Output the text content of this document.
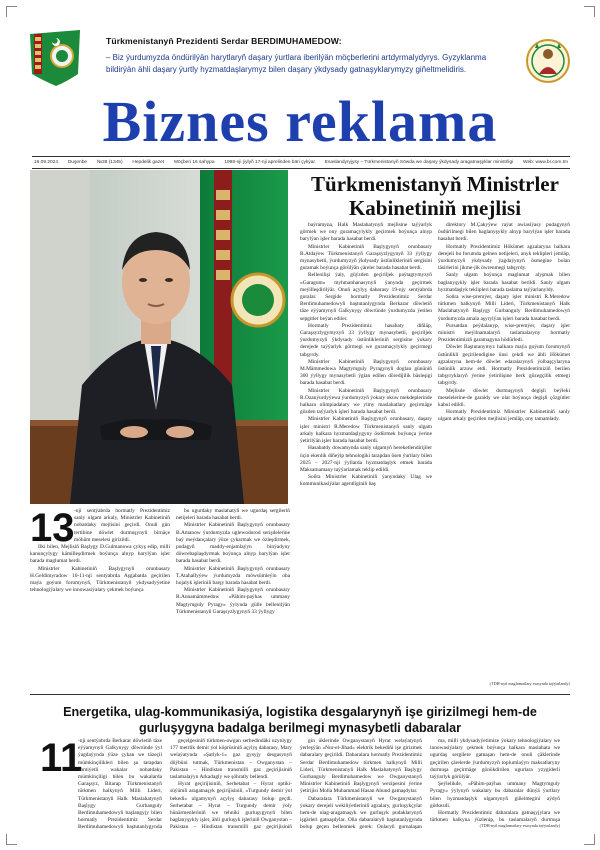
Türkmenistanyň Prezidenti Serdar BERDIMUHAMEDOW:
– Biz ýurdumyzda öndürilýän harytlaryň daşary ýurtlara iberilýän möçberlerini artdyrmalydyrys. Gyzyklanma bildirýän ähli daşary ýurtly hyzmatdaşlarymyz bilen daşary ýkdysady gatnaşyklarymyzy giňeltmelidiris.
Biznes reklama
16.09.2024	Duşenbe	№38 (1345)	Hepdelik gazet	Möçberi 16 sahypa	1998-nji ýylyň 17-nji aprelinden bäri çykýar	Esaslandyryjysy – Türkmenistanyň Söwda we daşary ýkdysady aragatnaşyklar ministrligi	Web: www.br.com.tm
Türkmenistanyň Ministrler Kabinetiniň mejlisi
13 -nji sentýabrda hormatly Prezidentimiz sanly ulgam arkaly, Ministrler Kabinetiniň nobatdaky mejlisini geçirdi. Onuň gün tertibine döwlet durmuşynyň birnäçe möhüm meselesi girizildi.

Ilki bilen, Mejlisiň Başlygy D.Gulmanowa çykyş edip, milli kanunçylygy kämilleşdirmek boýunça alnyp barylýan işler barada maglumat berdi.

Ministrler Kabinetiniň Başlygynyň orunbasary H.Geldimyradow 10-11-nji sentýabrda Aşgabatda geçirilen maýa goýum forumynyň, Türkmenistanyň ykdysadyýetine tehnologiýalary we innowasiýalary çekmek boýunça

bu ugurdaky maslahatyň we ugurdaş sergileriň netijeleri barada hasabat berdi.

Ministrler Kabinetiniň Başlygynyň orunbasary B.Amanow ýurdumyzda uglewodorod serişdelerine baý meýdançalary ýüze çykarmak we özleşdirmek, pudagyň maddy-enjamlaýyn binýadyny döwrebaplaşdyrmak boýunça alnyp barylýan işler barada hasabat berdi.

Ministrler Kabinetiniň Başlygynyň orunbasary T.Atahallyýew ýurdumyzda möwsümleýin oba hojalyk işleriniň barşy barada hasabat berdi.

Ministrler Kabinetiniň Başlygynyň orunbasary R.Annamämmedow «Pähim-paýhas ummany Magtymguly Pyragy» ýylynda gülle bellenilýän Türkmenistanyň Garaşsyzlygynyň 33 ýyllygy

baýramyna, Halk Maslahatynyň mejlisine taýýarlyk görmek we ony guramaçylykly geçirmek boýunça alnyp barylýan işler barada hasabat berdi.

Ministrler Kabinetiniň Başlygynyň orunbasary B.Atdaýew Türkmenistanyň Garaşsyzlygynyň 33 ýyllygy mynasybetli, ýurdumyzyň ýkdysady üstünlikleriniň sergisini guramak boýunça görülýän çäreler barada hasabat berdi.

Bellenilişi ýaly, güýzden geçiriljek paýtagtymyzyň «Garagum» myhmanhanasynyň ýanynda geçirmek meýilleşdirilýär. Onuň açylyş dabarasy 19-njy sentýabrda guralar. Sergide hormatly Prezidentimiz Serdar Berdimuhamedowyň baştutanlygynda Berkarar döwletiň täze eýýamynyň Galkynyşy döwründe ýurdumyzda ýetilen sepgitler beýan ediler.

Hormatly Prezidentimiz hasabaty diňläp, Garaşsyzlygymyzyň 33 ýyllygy mynasybetli, geçiriljek ýurdumyzyň ýkdysady üstünlikleriniň sergisine ýokary derejede taýýarlyk görmegi we guramaçylykly geçirmegi tabşyrdy.

Ministrler Kabinetiniň Başlygynyň orunbasary M.Mämmedowa Magtymguly Pyragynyň doglan gününiň 300 ýyllygy mynasybetli ýglan edilen döredijilik bäsleşigi barada hasabat berdi.

Ministrler Kabinetiniň Başlygynyň orunbasary R.Ozanýurdyýewa ýurdumyzyň ýokary okuw mekdeplerinde halkara olimpiadalary we ylmy maslahatlary geçirmäge gözden taýýarlyk işleri barada hasabat berdi.

Ministrler Kabinetiniň Başlygynyň orunbasary, daşary işler ministri R.Meredow Türkmenistanyň sanly ulgam arkaly halkara hyzmatdaşlygyny ösdürmek boýunça ýerine ýetirilýän işler barada hasabat berdi.

Hasabatdy dowamynda sanly ulgamyň hereketlendirijiler üçin ekenlik diňeýip tehnologiki tarapdan ösen ýurtlary bilen 2025 – 2027-nji ýyllarda hyzmatdaşlyk etmek barada Maksatnamany taýýarlamak teklip edildi.

Soňra Ministrler Kabinetiniň ýanyndaky Ulag we kommunikasiýalar agentliginiň baş

direktory M.Çakyýew raýat awiasiýasy pudagynyň ösdürilmegi bilen baglanyşykly alnyp barylýan işler barada hasabat berdi.

Hormatly Prezidentimiz Hökümet agzalaryna halkara derejeli bu forumda gelnen netijeleri, anyk teklipleri jemläp, ýurdumyzyň ykdysady ýagdaýynyň ösmegine bolan täsirlerini jikme-jik öwrenmegi tabşyrdy.

Sanly ulgam boýunça maglumat alyşmak bilen baglanyşykly işler barada hasabat berildi. Sanly ulgam hyzmatdaşlyk teklipleri barada taslama taýýarlanyldy.

Soňra wise-premýer, daşary işler ministri R.Meredow türkmen halkynyň Milli Lideri, Türkmenistanyň Halk Maslahatynyň Başlygy Gurbanguly Berdimuhamedowyň ýurdumyzda amala aşyrylýan işleri barada hasabat berdi.

Pursatdan peýdalanyp, wise-premýer, daşary işler ministri meýilnamalaryň taslamalaryny hormatly Prezidentimiziň garamagyna hödürledi.

Döwlet Baştutanymyz halkara maýa goýum forumynyň üstünlikli geçirilendigine ünsi çekdi we ähli Hökümet agzalaryna hem-de döwlet edaralarynyň ýolbaşçylaryna üstünlik arzuw etdi. Hormatly Prezidentimiziň berilen tabşyryklaryň ýerine ýetirilişine berk gözegçilik etmegi tabşyrdy.

Mejlisde döwlet durmuşynyň degişli beýleki meselelerine-de garaldy we olar boýunça degişli çözgütler kabul edildi.

Hormatly Prezidentimiz Ministrler Kabinetiniň sanly ulgam arkaly geçirilen mejlisini jemläp, ony tamamlady.

(TDH-nyň maglumatlary esasynda taýýarlandy)
Energetika, ulag-kommunikasiýa, logistika desgalarynyň işe girizilmegi hem-de gurluşygyna badalga berilmegi mynasybetli dabaralar
11

-nji sentýabrda Berkarar döwletiň täze eýýamynyň Galkynyşy döwründe ýyl ýagdaýynda ýüze çykan we täzeçil mümkinçilikleri bilen şu tarapdan ähmiýetli wakalar nobatdaky mümkinçiligi bilen bu wakalarda Garaşsyz, Bitarap Türkmenistanyň türkmen halkynyň Milli Lideri, Türkmenistanyň Halk Maslahatynyň Başlygy Gurbanguly Berdimuhamedowyň başlangyjy bilen hormatly Prezidentimiz Serdar Berdimuhamedowyň baştutanlygynda

geçelgesiniň türkmen-owgan serhedindäki uzynlygy 177 metrlik demir ýol köprüsiniň açylyş dabarasy, Mary welaýatynda «Şatlyk-1» gaz gysyjy desgasynyň düýbüni tutmak, Türkmenistan – Owganystan – Pakistan – Hindistan transmilli gaz geçirijisiniň taslamalaýyn Arkadagly we şöhratly bellendi.

Hyrat geçirijisiniň, Serhetabat – Hyrat optiki-süýümli aragatnaşyk geçirijisiniň, «Turgundy demir ýol bekedi» ulgamynyň açylyş dabarasy bolup geçdi. Serhetabat – Hyrat – Turgundy demir ýoly hünärmenleriniň we tehniki gurluşygynyň bilen baglanyşykly işler, ähli gurluşyk işleriniň Owganystan – Pakistan – Hindistan transmilli gaz geçirijisiniň

gin üklerinde Owganystanyň Hyrat welaýatynyň ýerleşýän «Nur-el-Jihad» elektrik bekediňi işe girizmek dabaralary geçirildi. Dabaralara hormatly Prezidentimiz Serdar Berdimuhamedow türkmen halkynyň Milli Lideri, Türkmenistanyň Halk Maslahatynyň Başlygy Gurbanguly Berdimuhamedow we Owganystanyň Ministrler Kabinetiniň Başlygynyň wezipesini ýerine ýetirijisi Molla Muhammad Hasan Ahund gatnaşdylar.

Dabaralara Türkmenistanyň we Owganystanyň ýokary derejeli wekiliýetleriniň agzalary, gurluşykçylar hem-de ulag-aragatnaşyk we gurluşyk pudaklarynyň işgärleri gatnaşdylar. Oňa dabaralaryň baştutanlygynda bolup geçen bellenmek gerek: Onlaryň gurnalaşan

ma, milli ykdysadyýetimize ýokary tehnologiýalary we innowasiýalary çekmek boýunça halkara maslahata we ugurdaş sergilere gatnaşan hem-de onuň çäklerinde geçirilen çärelerde ýurdumyzyň toplumlaýyn maksatlaryny durmuşa geçirmäge gönükdirilen ugurlara yzygiderli taýýarlyk görülýär.

Şeýlelikde, «Pähim-paýhas ummany Magtymguly Pyragy» ýylynyň wakalary bu dabaralar dünýä ýurtlary bilen hyzmatdaşlyk ulgamynyň giňelmegini aýdyň görkezdi.

Hormatly Prezidentimiz dabaralara gatnaşyjylara we türkmen halkyna ýüzlenip, bu taslamalaryň durmuşa

(TDH-nyň maglumatlary esasynda taýýarlandy)
